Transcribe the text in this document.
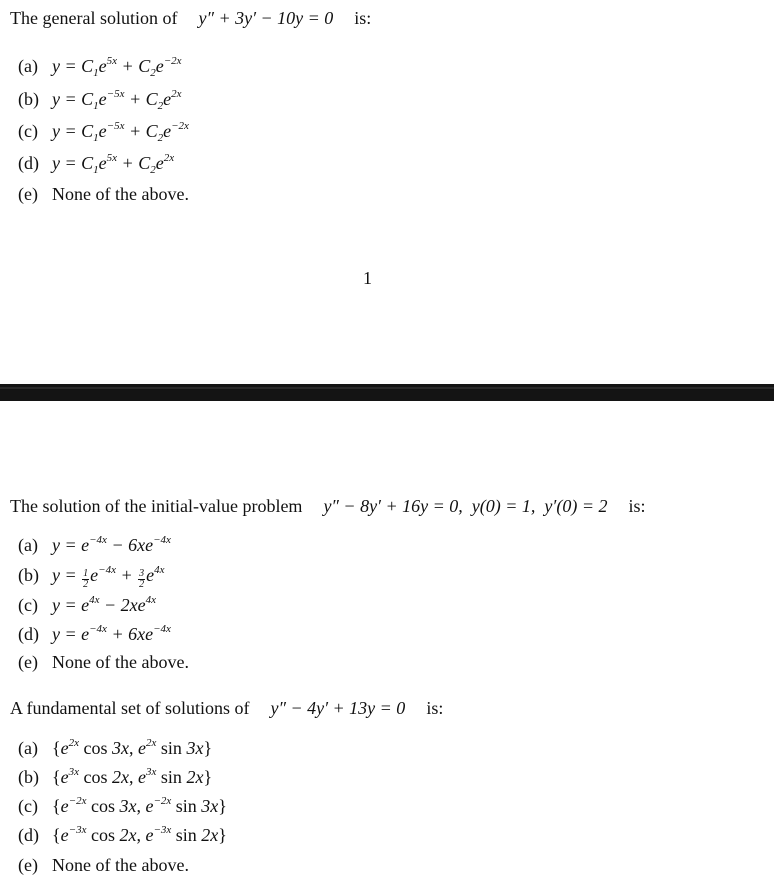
The general solution of y″ + 3y′ − 10y = 0 is:
(a) $y = C_1e^{5x} + C_2e^{-2x}$
(b) $y = C_1e^{-5x} + C_2e^{2x}$
(c) $y = C_1e^{-5x} + C_2e^{-2x}$
(d) $y = C_1e^{5x} + C_2e^{2x}$
(e) None of the above.
1
The solution of the initial-value problem y″ − 8y′ + 16y = 0,  y(0) = 1,  y′(0) = 2 is:
(a) $y = e^{-4x} - 6xe^{-4x}$
(b) $y = \frac{1}{2} e^{-4x} + \frac{3}{2} e^{4x}$
(c) $y = e^{4x} - 2xe^{4x}$
(d) $y = e^{-4x} + 6xe^{-4x}$
(e) None of the above.
A fundamental set of solutions of y″ − 4y′ + 13y = 0 is:
(a) {$e^{2x}$ cos 3x, $e^{2x}$ sin 3x}
(b) {$e^{3x}$ cos 2x, $e^{3x}$ sin 2x}
(c) {$e^{-2x}$ cos 3x, $e^{-2x}$ sin 3x}
(d) {$e^{-3x}$ cos 2x, $e^{-3x}$ sin 2x}
(e) None of the above.
